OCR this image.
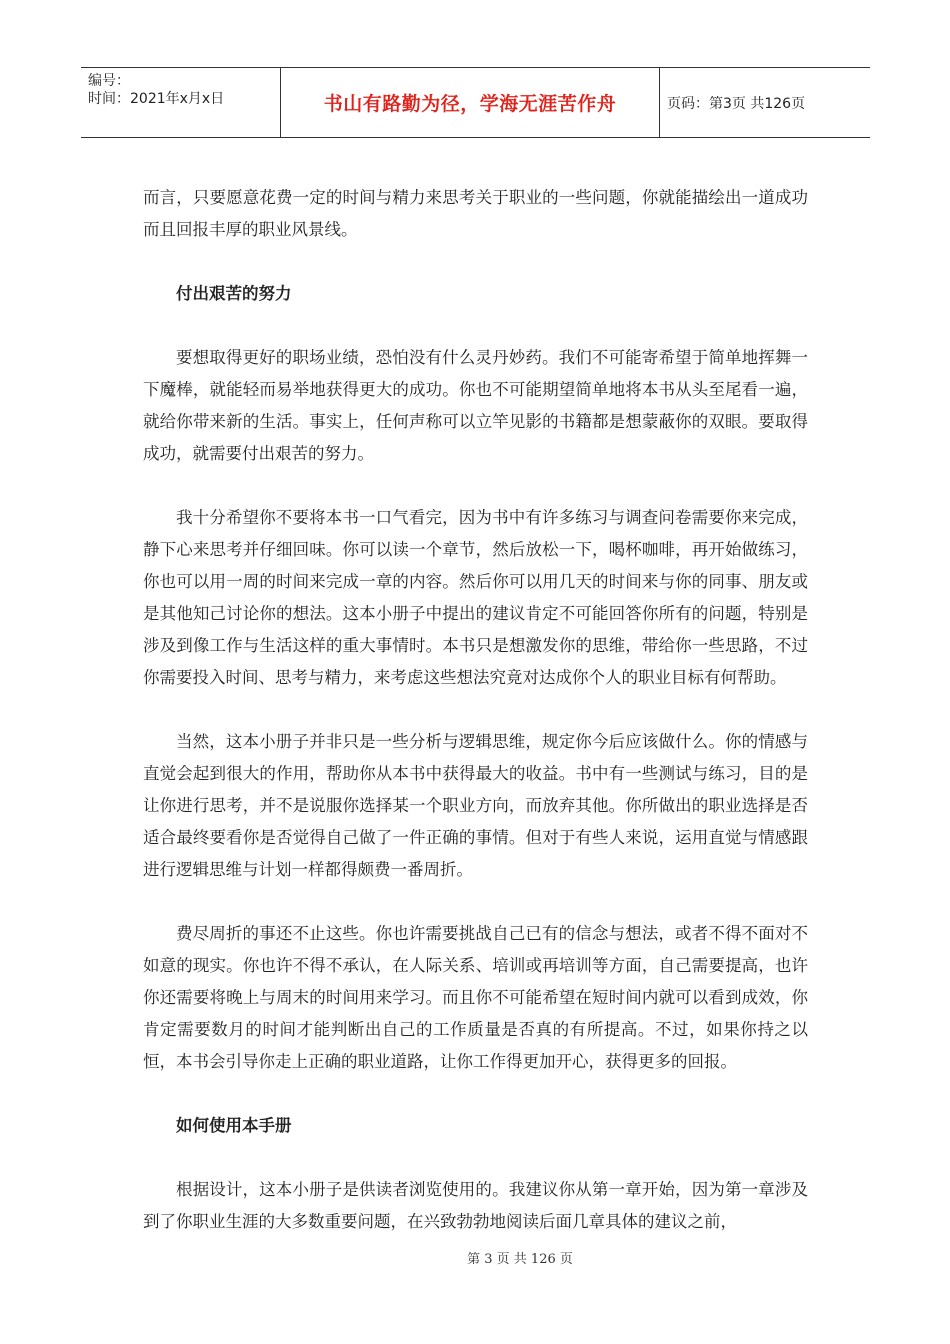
编号：
时间：2021年x月x日	书山有路勤为径，学海无涯苦作舟	页码：第3页 共126页

而言，只要愿意花费一定的时间与精力来思考关于职业的一些问题，你就能描绘出一道成功而且回报丰厚的职业风景线。

付出艰苦的努力

要想取得更好的职场业绩，恐怕没有什么灵丹妙药。我们不可能寄希望于简单地挥舞一下魔棒，就能轻而易举地获得更大的成功。你也不可能期望简单地将本书从头至尾看一遍，就给你带来新的生活。事实上，任何声称可以立竿见影的书籍都是想蒙蔽你的双眼。要取得成功，就需要付出艰苦的努力。

我十分希望你不要将本书一口气看完，因为书中有许多练习与调查问卷需要你来完成，静下心来思考并仔细回味。你可以读一个章节，然后放松一下，喝杯咖啡，再开始做练习，你也可以用一周的时间来完成一章的内容。然后你可以用几天的时间来与你的同事、朋友或是其他知己讨论你的想法。这本小册子中提出的建议肯定不可能回答你所有的问题，特别是涉及到像工作与生活这样的重大事情时。本书只是想激发你的思维，带给你一些思路，不过你需要投入时间、思考与精力，来考虑这些想法究竟对达成你个人的职业目标有何帮助。

当然，这本小册子并非只是一些分析与逻辑思维，规定你今后应该做什么。你的情感与直觉会起到很大的作用，帮助你从本书中获得最大的收益。书中有一些测试与练习，目的是让你进行思考，并不是说服你选择某一个职业方向，而放弃其他。你所做出的职业选择是否适合最终要看你是否觉得自己做了一件正确的事情。但对于有些人来说，运用直觉与情感跟进行逻辑思维与计划一样都得颇费一番周折。

费尽周折的事还不止这些。你也许需要挑战自己已有的信念与想法，或者不得不面对不如意的现实。你也许不得不承认，在人际关系、培训或再培训等方面，自己需要提高，也许你还需要将晚上与周末的时间用来学习。而且你不可能希望在短时间内就可以看到成效，你肯定需要数月的时间才能判断出自己的工作质量是否真的有所提高。不过，如果你持之以恒，本书会引导你走上正确的职业道路，让你工作得更加开心，获得更多的回报。

如何使用本手册

根据设计，这本小册子是供读者浏览使用的。我建议你从第一章开始，因为第一章涉及到了你职业生涯的大多数重要问题，在兴致勃勃地阅读后面几章具体的建议之前，

第 3 页 共 126 页
